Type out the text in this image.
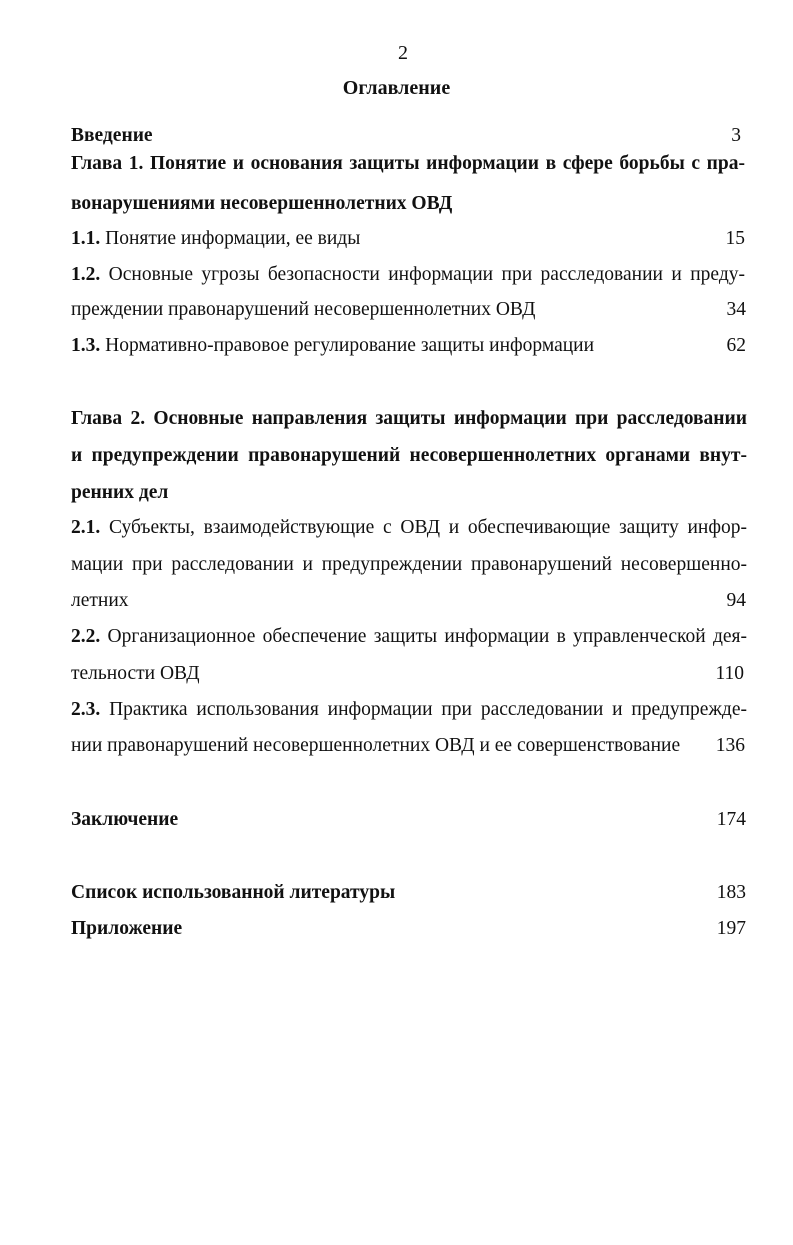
2
Оглавление
Введение	3
Глава 1. Понятие и основания защиты информации в сфере борьбы с пра-
вонарушениями несовершеннолетних ОВД
1.1. Понятие информации, ее виды	15
1.2. Основные угрозы безопасности информации при расследовании и преду-
преждении правонарушений несовершеннолетних ОВД	34
1.3. Нормативно-правовое регулирование защиты информации	62
Глава 2. Основные направления защиты информации при расследовании
и предупреждении правонарушений несовершеннолетних органами внут-
ренних дел
2.1. Субъекты, взаимодействующие с ОВД и обеспечивающие защиту инфор-
мации при расследовании и предупреждении правонарушений несовершенно-
летних	94
2.2. Организационное обеспечение защиты информации в управленческой дея-
тельности ОВД	110
2.3. Практика использования информации при расследовании и предупрежде-
нии правонарушений несовершеннолетних ОВД и ее совершенствование 136
Заключение	174
Список использованной литературы	183
Приложение	197
